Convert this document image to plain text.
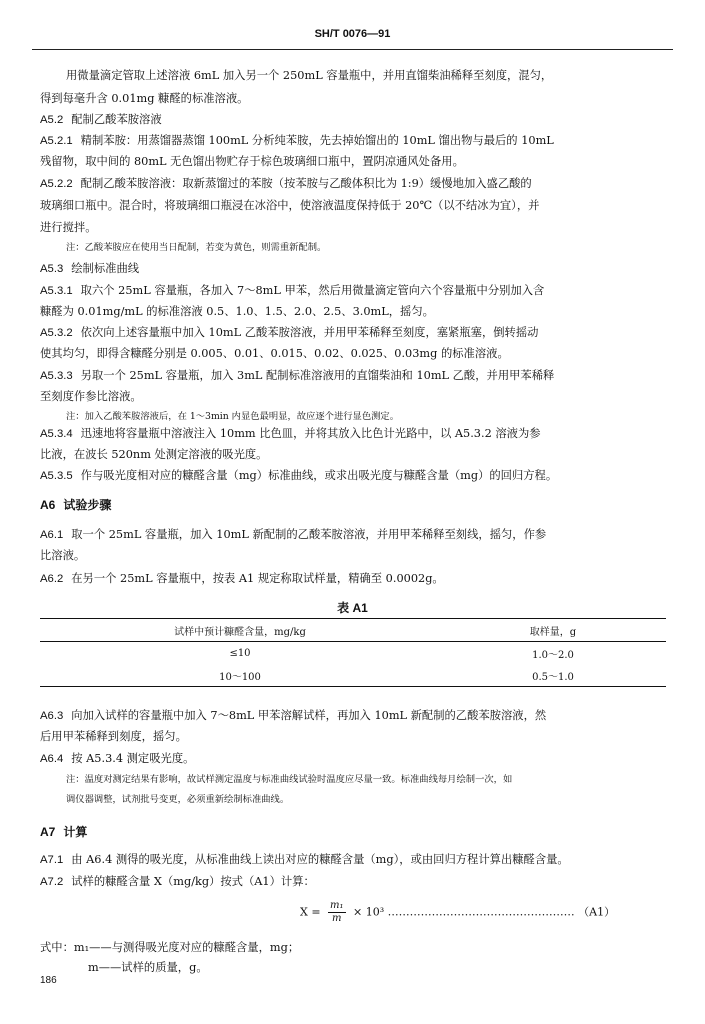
SH/T 0076—91
用微量滴定管取上述溶液 6mL 加入另一个 250mL 容量瓶中，并用直馏柴油稀释至刻度，混匀，
得到每毫升含 0.01mg 糠醛的标准溶液。
A5.2 配制乙酸苯胺溶液
A5.2.1 精制苯胺：用蒸馏器蒸馏 100mL 分析纯苯胺，先去掉始馏出的 10mL 馏出物与最后的 10mL
残留物，取中间的 80mL 无色馏出物贮存于棕色玻璃细口瓶中，置阴凉通风处备用。
A5.2.2 配制乙酸苯胺溶液：取新蒸馏过的苯胺（按苯胺与乙酸体积比为 1:9）缓慢地加入盛乙酸的
玻璃细口瓶中。混合时，将玻璃细口瓶浸在冰浴中，使溶液温度保持低于 20℃（以不结冰为宜），并
进行搅拌。
注：乙酸苯胺应在使用当日配制，若变为黄色，则需重新配制。
A5.3 绘制标准曲线
A5.3.1 取六个 25mL 容量瓶，各加入 7～8mL 甲苯，然后用微量滴定管向六个容量瓶中分别加入含
糠醛为 0.01mg/mL 的标准溶液 0.5、1.0、1.5、2.0、2.5、3.0mL，摇匀。
A5.3.2 依次向上述容量瓶中加入 10mL 乙酸苯胺溶液，并用甲苯稀释至刻度，塞紧瓶塞，倒转摇动
使其均匀，即得含糠醛分别是 0.005、0.01、0.015、0.02、0.025、0.03mg 的标准溶液。
A5.3.3 另取一个 25mL 容量瓶，加入 3mL 配制标准溶液用的直馏柴油和 10mL 乙酸，并用甲苯稀释
至刻度作参比溶液。
注：加入乙酸苯胺溶液后，在 1～3min 内显色最明显，故应逐个进行显色测定。
A5.3.4 迅速地将容量瓶中溶液注入 10mm 比色皿，并将其放入比色计光路中，以 A5.3.2 溶液为参
比液，在波长 520nm 处测定溶液的吸光度。
A5.3.5 作与吸光度相对应的糠醛含量（mg）标准曲线，或求出吸光度与糠醛含量（mg）的回归方程。
A6 试验步骤
A6.1 取一个 25mL 容量瓶，加入 10mL 新配制的乙酸苯胺溶液，并用甲苯稀释至刻线，摇匀，作参
比溶液。
A6.2 在另一个 25mL 容量瓶中，按表 A1 规定称取试样量，精确至 0.0002g。
A6.3 向加入试样的容量瓶中加入 7～8mL 甲苯溶解试样，再加入 10mL 新配制的乙酸苯胺溶液，然
后用甲苯稀释到刻度，摇匀。
A6.4 按 A5.3.4 测定吸光度。
注：温度对测定结果有影响，故试样测定温度与标准曲线试验时温度应尽量一致。标准曲线每月绘制一次，如
调仪器调整，试剂批号变更，必须重新绘制标准曲线。
A7 计算
A7.1 由 A6.4 测得的吸光度，从标准曲线上读出对应的糠醛含量（mg），或由回归方程计算出糠醛含量。
A7.2 试样的糠醛含量 X（mg/kg）按式（A1）计算：
式中：m₁——与测得吸光度对应的糠醛含量，mg；
m——试样的质量，g。
表 A1
试样中预计糠醛含量，mg/kg	取样量，g
≤10	1.0～2.0
10～100	0.5～1.0
$X = \frac{\text{m₁}}{m} \times 10^3$ …………………………………………… （A1）
186
